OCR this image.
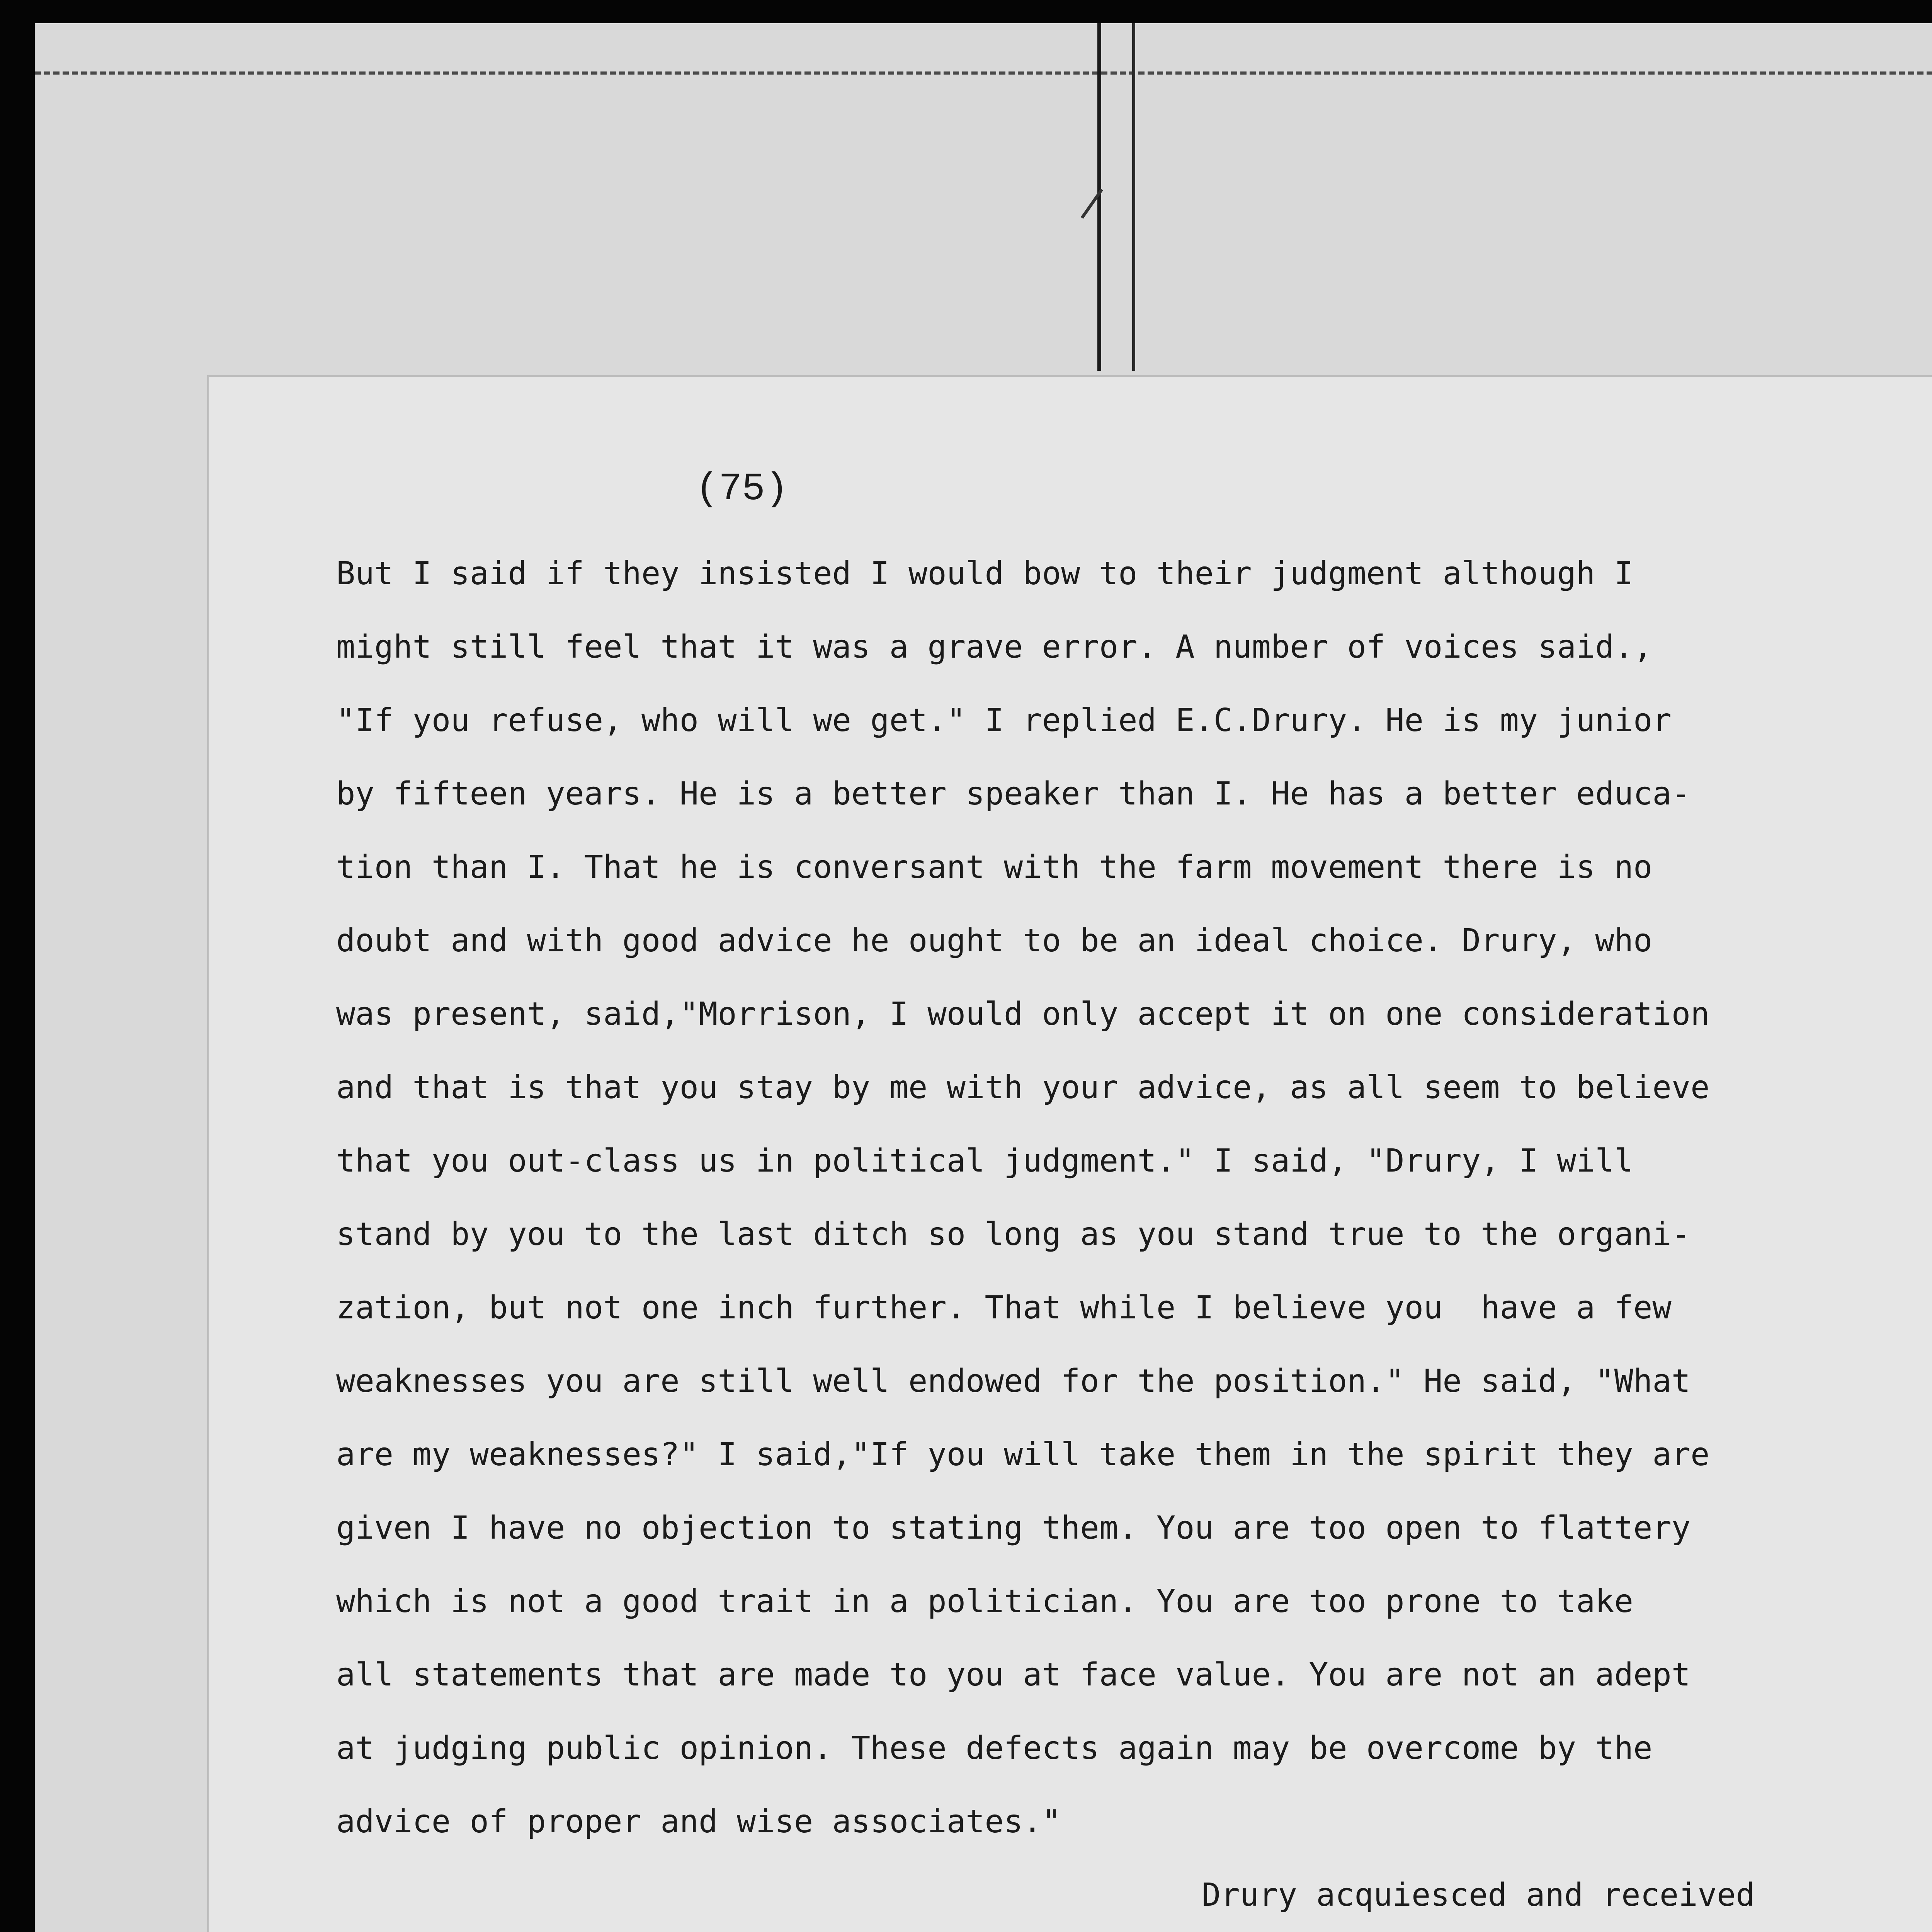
(75)
But I said if they insisted I would bow to their judgment although I
might still feel that it was a grave error. A number of voices said.,
"If you refuse, who will we get." I replied E.C.Drury. He is my junior
by fifteen years. He is a better speaker than I. He has a better educa-
tion than I. That he is conversant with the farm movement there is no
doubt and with good advice he ought to be an ideal choice. Drury, who
was present, said,"Morrison, I would only accept it on one consideration
and that is that you stay by me with your advice, as all seem to believe
that you out-class us in political judgment." I said, "Drury, I will
stand by you to the last ditch so long as you stand true to the organi-
zation, but not one inch further. That while I believe you  have a few
weaknesses you are still well endowed for the position." He said, "What
are my weaknesses?" I said,"If you will take them in the spirit they are
given I have no objection to stating them. You are too open to flattery
which is not a good trait in a politician. You are too prone to take
all statements that are made to you at face value. You are not an adept
at judging public opinion. These defects again may be overcome by the
advice of proper and wise associates."
Drury acquiesced and received
